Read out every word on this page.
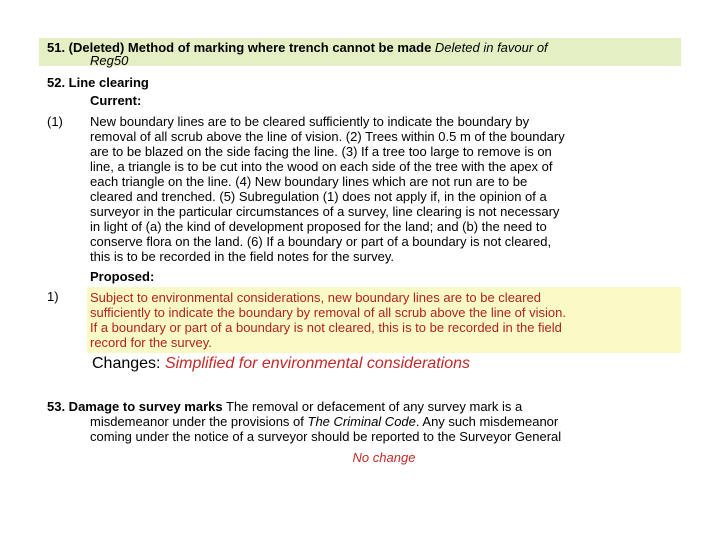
51. (Deleted) Method of marking where trench cannot be made Deleted in favour of
Reg50
52. Line clearing
Current:
(1) New boundary lines are to be cleared sufficiently to indicate the boundary by
removal of all scrub above the line of vision. (2) Trees within 0.5 m of the boundary
are to be blazed on the side facing the line. (3) If a tree too large to remove is on
line, a triangle is to be cut into the wood on each side of the tree with the apex of
each triangle on the line. (4) New boundary lines which are not run are to be
cleared and trenched. (5) Subregulation (1) does not apply if, in the opinion of a
surveyor in the particular circumstances of a survey, line clearing is not necessary
in light of (a) the kind of development proposed for the land; and (b) the need to
conserve flora on the land. (6) If a boundary or part of a boundary is not cleared,
this is to be recorded in the field notes for the survey.
Proposed:
1) Subject to environmental considerations, new boundary lines are to be cleared
sufficiently to indicate the boundary by removal of all scrub above the line of vision.
If a boundary or part of a boundary is not cleared, this is to be recorded in the field
record for the survey.
Changes: Simplified for environmental considerations
53. Damage to survey marks The removal or defacement of any survey mark is a
misdemeanor under the provisions of The Criminal Code. Any such misdemeanor
coming under the notice of a surveyor should be reported to the Surveyor General
No change
